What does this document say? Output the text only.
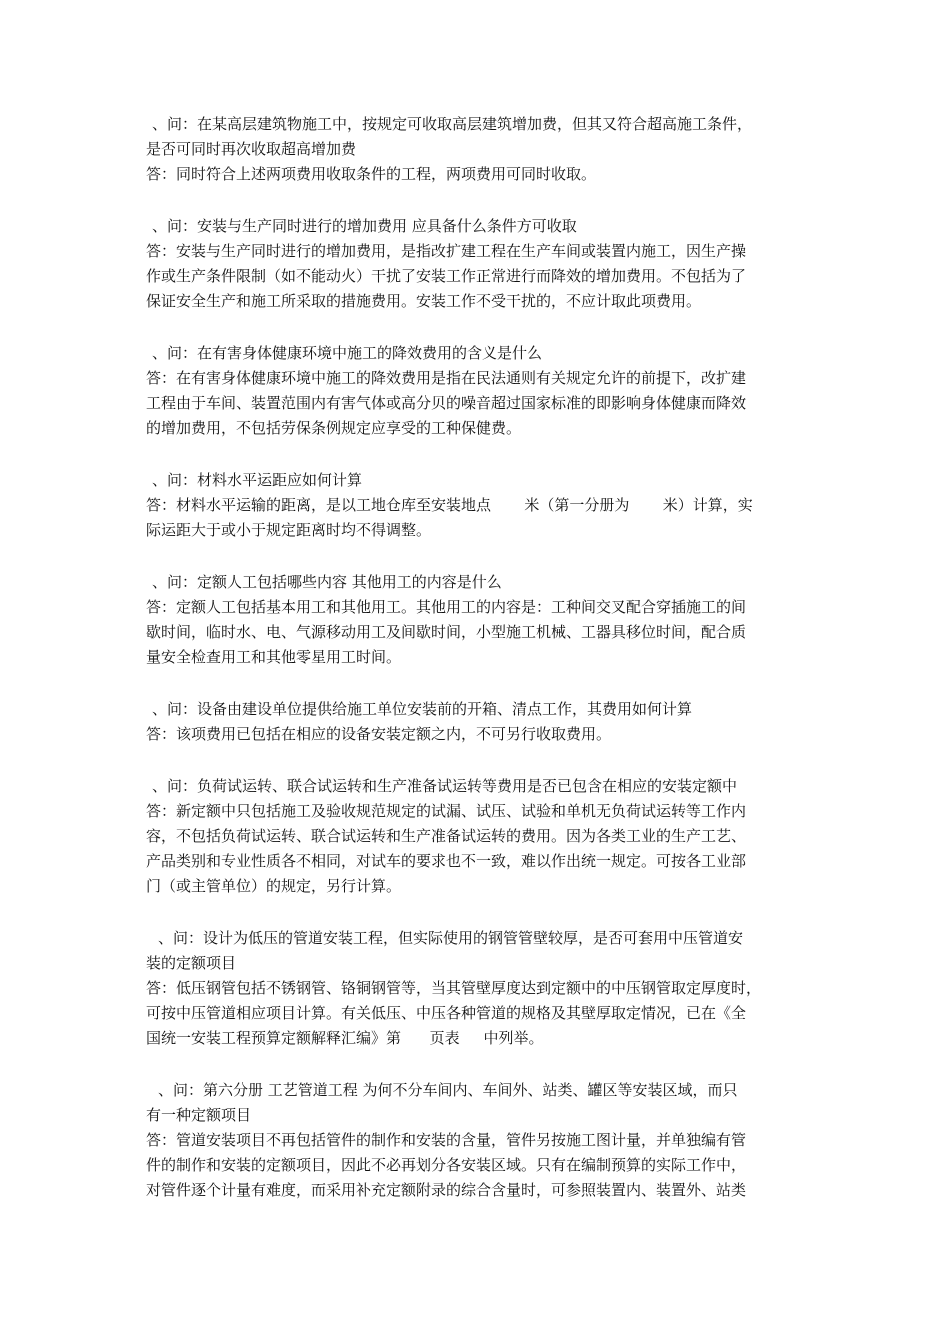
、问：在某高层建筑物施工中，按规定可收取高层建筑增加费，但其又符合超高施工条件，
是否可同时再次收取超高增加费
答：同时符合上述两项费用收取条件的工程，两项费用可同时收取。
、问：安装与生产同时进行的增加费用 应具备什么条件方可收取
答：安装与生产同时进行的增加费用，是指改扩建工程在生产车间或装置内施工，因生产操
作或生产条件限制（如不能动火）干扰了安装工作正常进行而降效的增加费用。不包括为了
保证安全生产和施工所采取的措施费用。安装工作不受干扰的，不应计取此项费用。
、问：在有害身体健康环境中施工的降效费用的含义是什么
答：在有害身体健康环境中施工的降效费用是指在民法通则有关规定允许的前提下，改扩建
工程由于车间、装置范围内有害气体或高分贝的噪音超过国家标准的即影响身体健康而降效
的增加费用，不包括劳保条例规定应享受的工种保健费。
、问：材料水平运距应如何计算
答：材料水平运输的距离，是以工地仓库至安装地点       米（第一分册为       米）计算，实
际运距大于或小于规定距离时均不得调整。
、问：定额人工包括哪些内容 其他用工的内容是什么
答：定额人工包括基本用工和其他用工。其他用工的内容是：工种间交叉配合穿插施工的间
歇时间，临时水、电、气源移动用工及间歇时间，小型施工机械、工器具移位时间，配合质
量安全检查用工和其他零星用工时间。
、问：设备由建设单位提供给施工单位安装前的开箱、清点工作，其费用如何计算
答：该项费用已包括在相应的设备安装定额之内，不可另行收取费用。
、问：负荷试运转、联合试运转和生产准备试运转等费用是否已包含在相应的安装定额中
答：新定额中只包括施工及验收规范规定的试漏、试压、试验和单机无负荷试运转等工作内
容，不包括负荷试运转、联合试运转和生产准备试运转的费用。因为各类工业的生产工艺、
产品类别和专业性质各不相同，对试车的要求也不一致，难以作出统一规定。可按各工业部
门（或主管单位）的规定，另行计算。
、问：设计为低压的管道安装工程，但实际使用的钢管管壁较厚，是否可套用中压管道安
装的定额项目
答：低压钢管包括不锈钢管、铬铜钢管等，当其管壁厚度达到定额中的中压钢管取定厚度时，
可按中压管道相应项目计算。有关低压、中压各种管道的规格及其壁厚取定情况，已在《全
国统一安装工程预算定额解释汇编》第      页表     中列举。
、问：第六分册 工艺管道工程 为何不分车间内、车间外、站类、罐区等安装区域，而只
有一种定额项目
答：管道安装项目不再包括管件的制作和安装的含量，管件另按施工图计量，并单独编有管
件的制作和安装的定额项目，因此不必再划分各安装区域。只有在编制预算的实际工作中，
对管件逐个计量有难度，而采用补充定额附录的综合含量时，可参照装置内、装置外、站类
